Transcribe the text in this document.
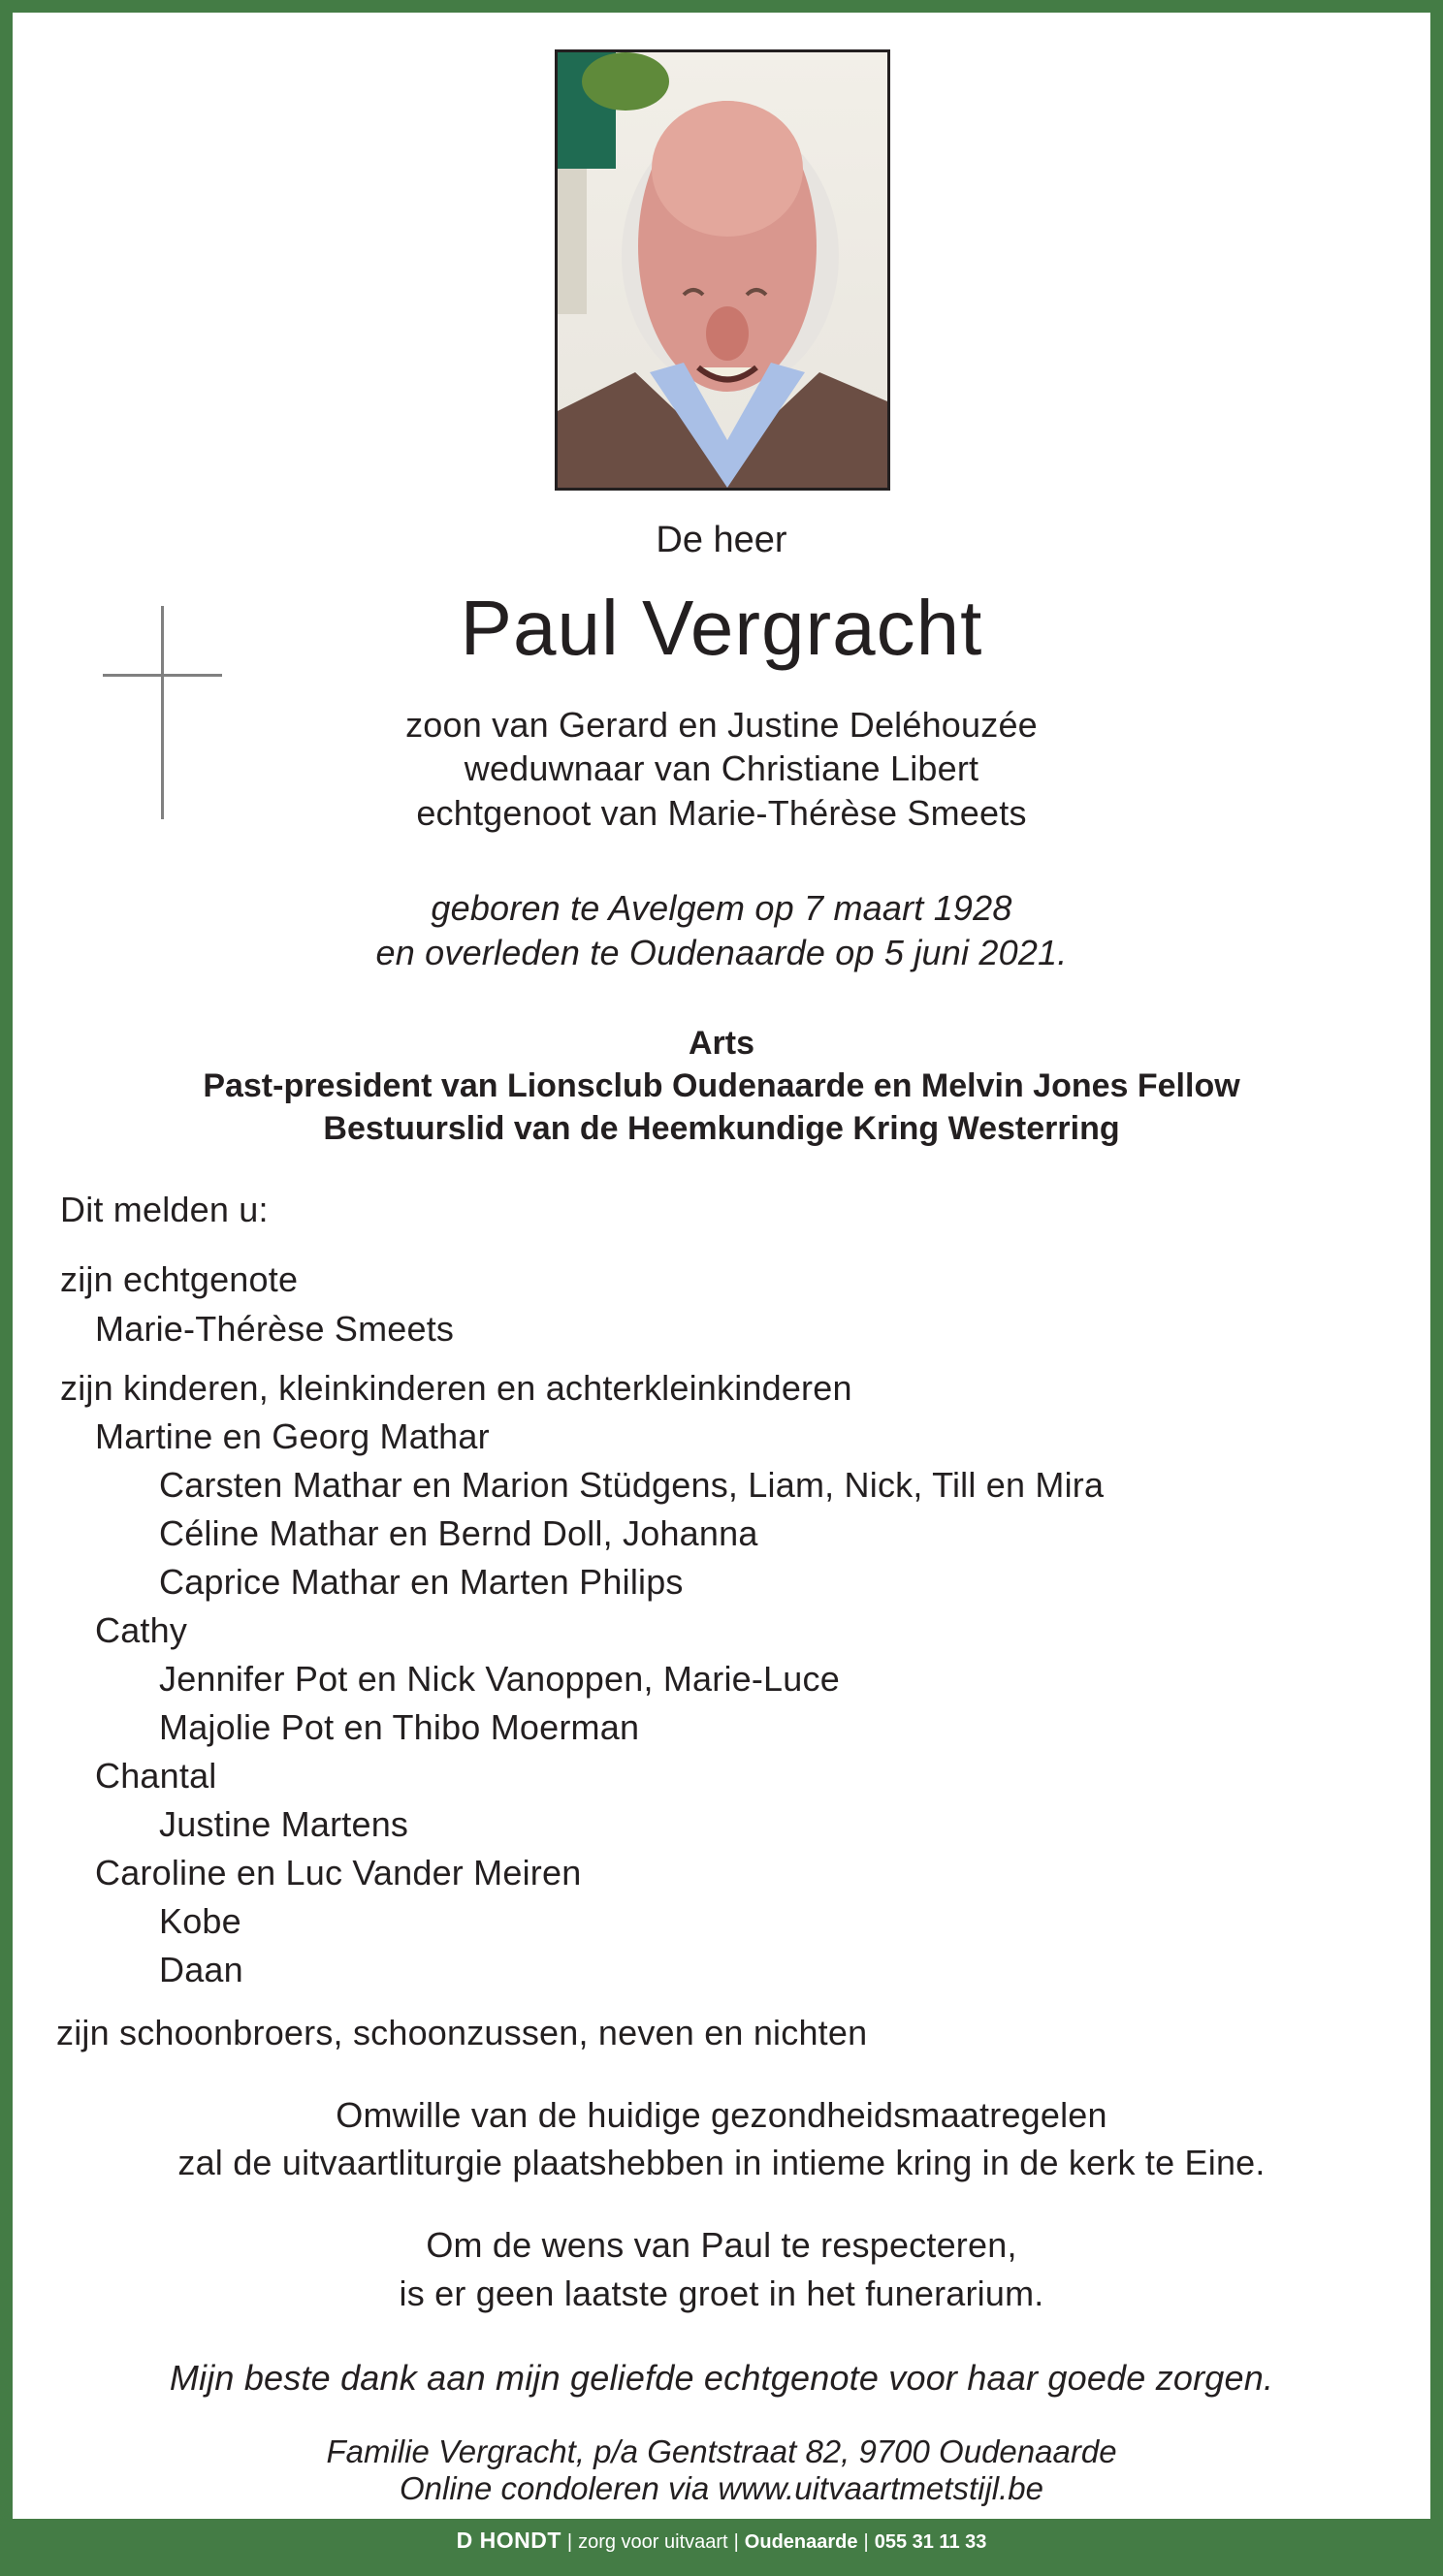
De heer
Paul Vergracht
zoon van Gerard en Justine Deléhouzée
weduwnaar van Christiane Libert
echtgenoot van Marie-Thérèse Smeets
geboren te Avelgem op 7 maart 1928
en overleden te Oudenaarde op 5 juni 2021.
Arts
Past-president van Lionsclub Oudenaarde en Melvin Jones Fellow
Bestuurslid van de Heemkundige Kring Westerring
Dit melden u:
zijn echtgenote
Marie-Thérèse Smeets
zijn kinderen, kleinkinderen en achterkleinkinderen
Martine en Georg Mathar
Carsten Mathar en Marion Stüdgens, Liam, Nick, Till en Mira
Céline Mathar en Bernd Doll, Johanna
Caprice Mathar en Marten Philips
Cathy
Jennifer Pot en Nick Vanoppen, Marie-Luce
Majolie Pot en Thibo Moerman
Chantal
Justine Martens
Caroline en Luc Vander Meiren
Kobe
Daan
zijn schoonbroers, schoonzussen, neven en nichten
Omwille van de huidige gezondheidsmaatregelen
zal de uitvaartliturgie plaatshebben in intieme kring in de kerk te Eine.
Om de wens van Paul te respecteren,
is er geen laatste groet in het funerarium.
Mijn beste dank aan mijn geliefde echtgenote voor haar goede zorgen.
Familie Vergracht, p/a Gentstraat 82, 9700 Oudenaarde
Online condoleren via www.uitvaartmetstijl.be
D HONDT | zorg voor uitvaart | Oudenaarde | 055 31 11 33
